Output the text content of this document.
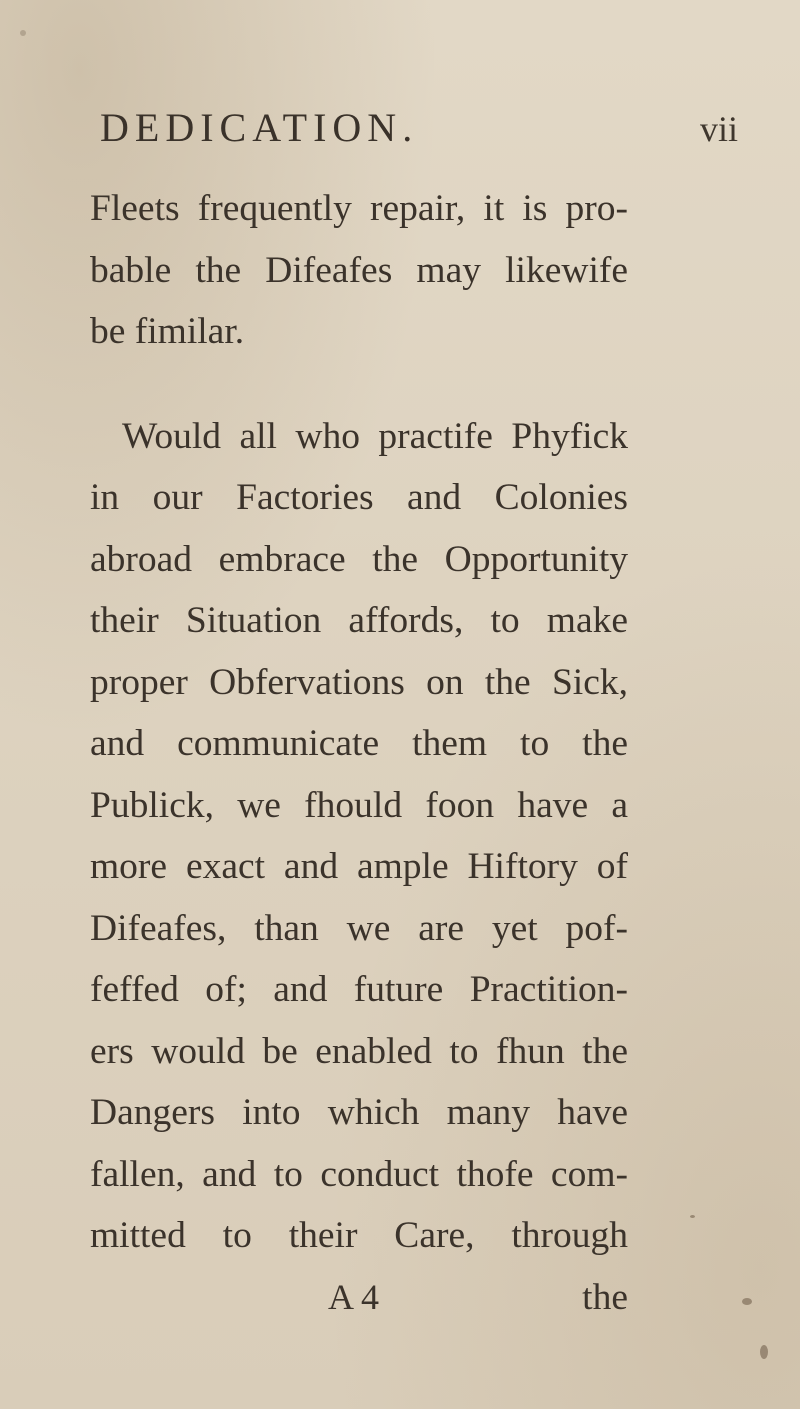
DEDICATION.	vii
Fleets frequently repair, it is pro-
bable the Difeafes may likewife
be fimilar.
Would all who practife Phyfick
in our Factories and Colonies
abroad embrace the Opportunity
their Situation affords, to make
proper Obfervations on the Sick,
and communicate them to the
Publick, we fhould foon have a
more exact and ample Hiftory of
Difeafes, than we are yet pof-
feffed of; and future Practition-
ers would be enabled to fhun the
Dangers into which many have
fallen, and to conduct thofe com-
mitted to their Care, through
A 4	the
